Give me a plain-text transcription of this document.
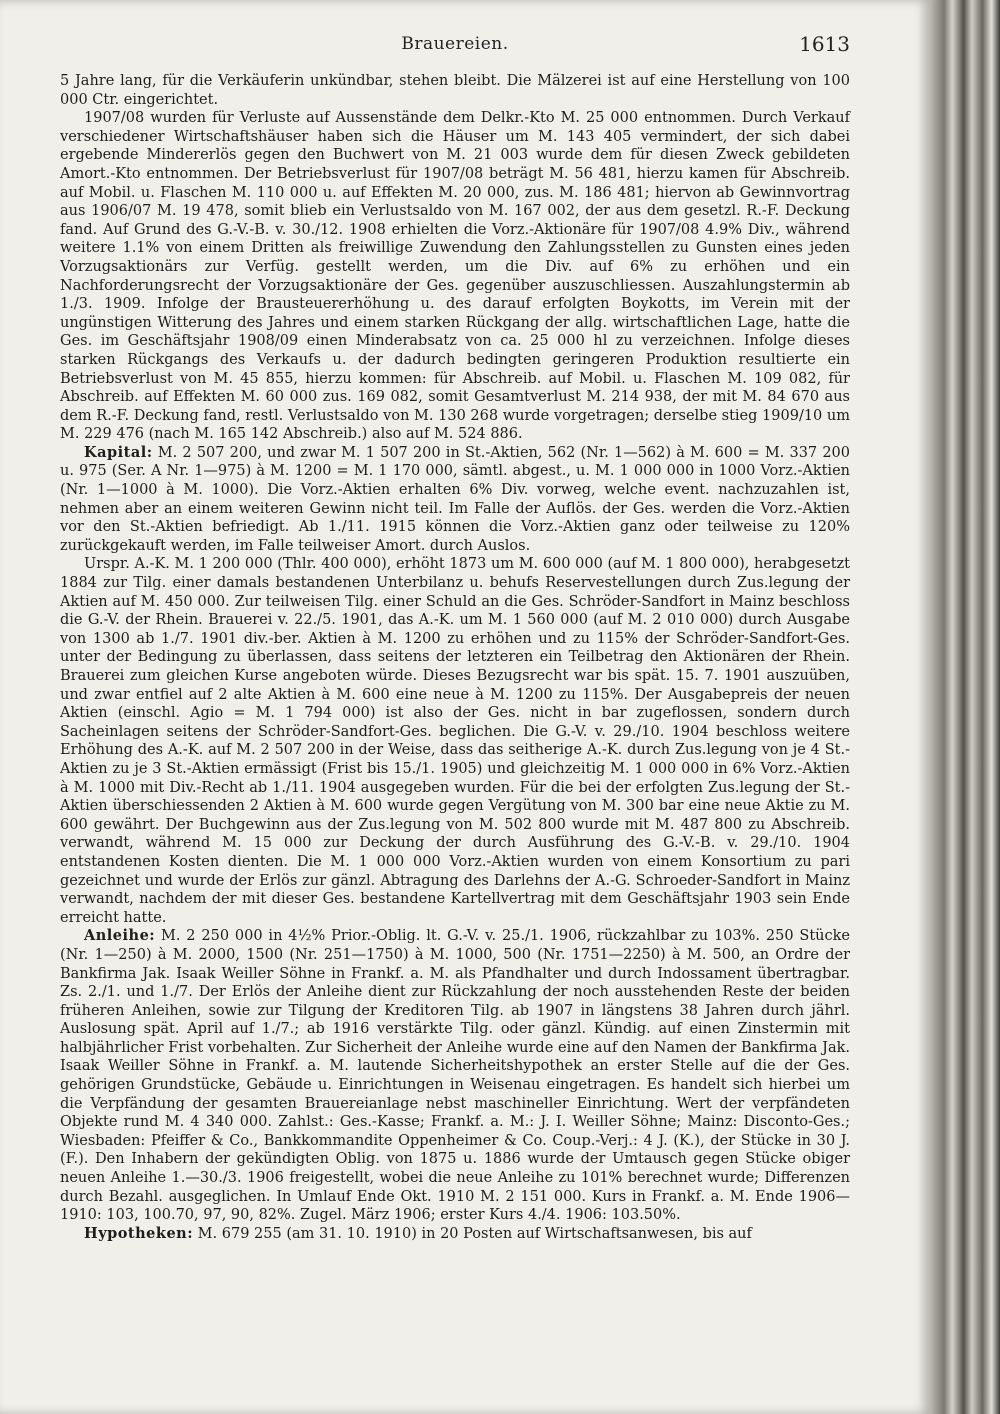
Brauereien.	1613

5 Jahre lang, für die Verkäuferin unkündbar, stehen bleibt. Die Mälzerei ist auf eine Herstellung von 100 000 Ctr. eingerichtet.

1907/08 wurden für Verluste auf Aussenstände dem Delkr.-Kto M. 25 000 entnommen. Durch Verkauf verschiedener Wirtschaftshäuser haben sich die Häuser um M. 143 405 vermindert, der sich dabei ergebende Mindererlös gegen den Buchwert von M. 21 003 wurde dem für diesen Zweck gebildeten Amort.-Kto entnommen. Der Betriebsverlust für 1907/08 beträgt M. 56 481, hierzu kamen für Abschreib. auf Mobil. u. Flaschen M. 110 000 u. auf Effekten M. 20 000, zus. M. 186 481; hiervon ab Gewinnvortrag aus 1906/07 M. 19 478, somit blieb ein Verlustsaldo von M. 167 002, der aus dem gesetzl. R.-F. Deckung fand. Auf Grund des G.-V.-B. v. 30./12. 1908 erhielten die Vorz.-Aktionäre für 1907/08 4.9% Div., während weitere 1.1% von einem Dritten als freiwillige Zuwendung den Zahlungsstellen zu Gunsten eines jeden Vorzugsaktionärs zur Verfüg. gestellt werden, um die Div. auf 6% zu erhöhen und ein Nachforderungsrecht der Vorzugsaktionäre der Ges. gegenüber auszuschliessen. Auszahlungstermin ab 1./3. 1909. Infolge der Brausteuererhöhung u. des darauf erfolgten Boykotts, im Verein mit der ungünstigen Witterung des Jahres und einem starken Rückgang der allg. wirtschaftlichen Lage, hatte die Ges. im Geschäftsjahr 1908/09 einen Minderabsatz von ca. 25 000 hl zu verzeichnen. Infolge dieses starken Rückgangs des Verkaufs u. der dadurch bedingten geringeren Produktion resultierte ein Betriebsverlust von M. 45 855, hierzu kommen: für Abschreib. auf Mobil. u. Flaschen M. 109 082, für Abschreib. auf Effekten M. 60 000 zus. 169 082, somit Gesamtverlust M. 214 938, der mit M. 84 670 aus dem R.-F. Deckung fand, restl. Verlustsaldo von M. 130 268 wurde vorgetragen; derselbe stieg 1909/10 um M. 229 476 (nach M. 165 142 Abschreib.) also auf M. 524 886.

Kapital: M. 2 507 200, und zwar M. 1 507 200 in St.-Aktien, 562 (Nr. 1—562) à M. 600 = M. 337 200 u. 975 (Ser. A Nr. 1—975) à M. 1200 = M. 1 170 000, sämtl. abgest., u. M. 1 000 000 in 1000 Vorz.-Aktien (Nr. 1—1000 à M. 1000). Die Vorz.-Aktien erhalten 6% Div. vorweg, welche event. nachzuzahlen ist, nehmen aber an einem weiteren Gewinn nicht teil. Im Falle der Auflös. der Ges. werden die Vorz.-Aktien vor den St.-Aktien befriedigt. Ab 1./11. 1915 können die Vorz.-Aktien ganz oder teilweise zu 120% zurückgekauft werden, im Falle teilweiser Amort. durch Auslos.

Urspr. A.-K. M. 1 200 000 (Thlr. 400 000), erhöht 1873 um M. 600 000 (auf M. 1 800 000), herabgesetzt 1884 zur Tilg. einer damals bestandenen Unterbilanz u. behufs Reservestellungen durch Zus.legung der Aktien auf M. 450 000. Zur teilweisen Tilg. einer Schuld an die Ges. Schröder-Sandfort in Mainz beschloss die G.-V. der Rhein. Brauerei v. 22./5. 1901, das A.-K. um M. 1 560 000 (auf M. 2 010 000) durch Ausgabe von 1300 ab 1./7. 1901 div.-ber. Aktien à M. 1200 zu erhöhen und zu 115% der Schröder-Sandfort-Ges. unter der Bedingung zu überlassen, dass seitens der letzteren ein Teilbetrag den Aktionären der Rhein. Brauerei zum gleichen Kurse angeboten würde. Dieses Bezugsrecht war bis spät. 15. 7. 1901 auszuüben, und zwar entfiel auf 2 alte Aktien à M. 600 eine neue à M. 1200 zu 115%. Der Ausgabepreis der neuen Aktien (einschl. Agio = M. 1 794 000) ist also der Ges. nicht in bar zugeflossen, sondern durch Sacheinlagen seitens der Schröder-Sandfort-Ges. beglichen. Die G.-V. v. 29./10. 1904 beschloss weitere Erhöhung des A.-K. auf M. 2 507 200 in der Weise, dass das seitherige A.-K. durch Zus.legung von je 4 St.-Aktien zu je 3 St.-Aktien ermässigt (Frist bis 15./1. 1905) und gleichzeitig M. 1 000 000 in 6% Vorz.-Aktien à M. 1000 mit Div.-Recht ab 1./11. 1904 ausgegeben wurden. Für die bei der erfolgten Zus.legung der St.-Aktien überschiessenden 2 Aktien à M. 600 wurde gegen Vergütung von M. 300 bar eine neue Aktie zu M. 600 gewährt. Der Buchgewinn aus der Zus.legung von M. 502 800 wurde mit M. 487 800 zu Abschreib. verwandt, während M. 15 000 zur Deckung der durch Ausführung des G.-V.-B. v. 29./10. 1904 entstandenen Kosten dienten. Die M. 1 000 000 Vorz.-Aktien wurden von einem Konsortium zu pari gezeichnet und wurde der Erlös zur gänzl. Abtragung des Darlehns der A.-G. Schroeder-Sandfort in Mainz verwandt, nachdem der mit dieser Ges. bestandene Kartellvertrag mit dem Geschäftsjahr 1903 sein Ende erreicht hatte.

Anleihe: M. 2 250 000 in 4½% Prior.-Oblig. lt. G.-V. v. 25./1. 1906, rückzahlbar zu 103%. 250 Stücke (Nr. 1—250) à M. 2000, 1500 (Nr. 251—1750) à M. 1000, 500 (Nr. 1751—2250) à M. 500, an Ordre der Bankfirma Jak. Isaak Weiller Söhne in Frankf. a. M. als Pfandhalter und durch Indossament übertragbar. Zs. 2./1. und 1./7. Der Erlös der Anleihe dient zur Rückzahlung der noch ausstehenden Reste der beiden früheren Anleihen, sowie zur Tilgung der Kreditoren Tilg. ab 1907 in längstens 38 Jahren durch jährl. Auslosung spät. April auf 1./7.; ab 1916 verstärkte Tilg. oder gänzl. Kündig. auf einen Zinstermin mit halbjährlicher Frist vorbehalten. Zur Sicherheit der Anleihe wurde eine auf den Namen der Bankfirma Jak. Isaak Weiller Söhne in Frankf. a. M. lautende Sicherheitshypothek an erster Stelle auf die der Ges. gehörigen Grundstücke, Gebäude u. Einrichtungen in Weisenau eingetragen. Es handelt sich hierbei um die Verpfändung der gesamten Brauereianlage nebst maschineller Einrichtung. Wert der verpfändeten Objekte rund M. 4 340 000. Zahlst.: Ges.-Kasse; Frankf. a. M.: J. I. Weiller Söhne; Mainz: Disconto-Ges.; Wiesbaden: Pfeiffer & Co., Bankkommandite Oppenheimer & Co. Coup.-Verj.: 4 J. (K.), der Stücke in 30 J. (F.). Den Inhabern der gekündigten Oblig. von 1875 u. 1886 wurde der Umtausch gegen Stücke obiger neuen Anleihe 1.—30./3. 1906 freigestellt, wobei die neue Anleihe zu 101% berechnet wurde; Differenzen durch Bezahl. ausgeglichen. In Umlauf Ende Okt. 1910 M. 2 151 000. Kurs in Frankf. a. M. Ende 1906—1910: 103, 100.70, 97, 90, 82%. Zugel. März 1906; erster Kurs 4./4. 1906: 103.50%.

Hypotheken: M. 679 255 (am 31. 10. 1910) in 20 Posten auf Wirtschaftsanwesen, bis auf
